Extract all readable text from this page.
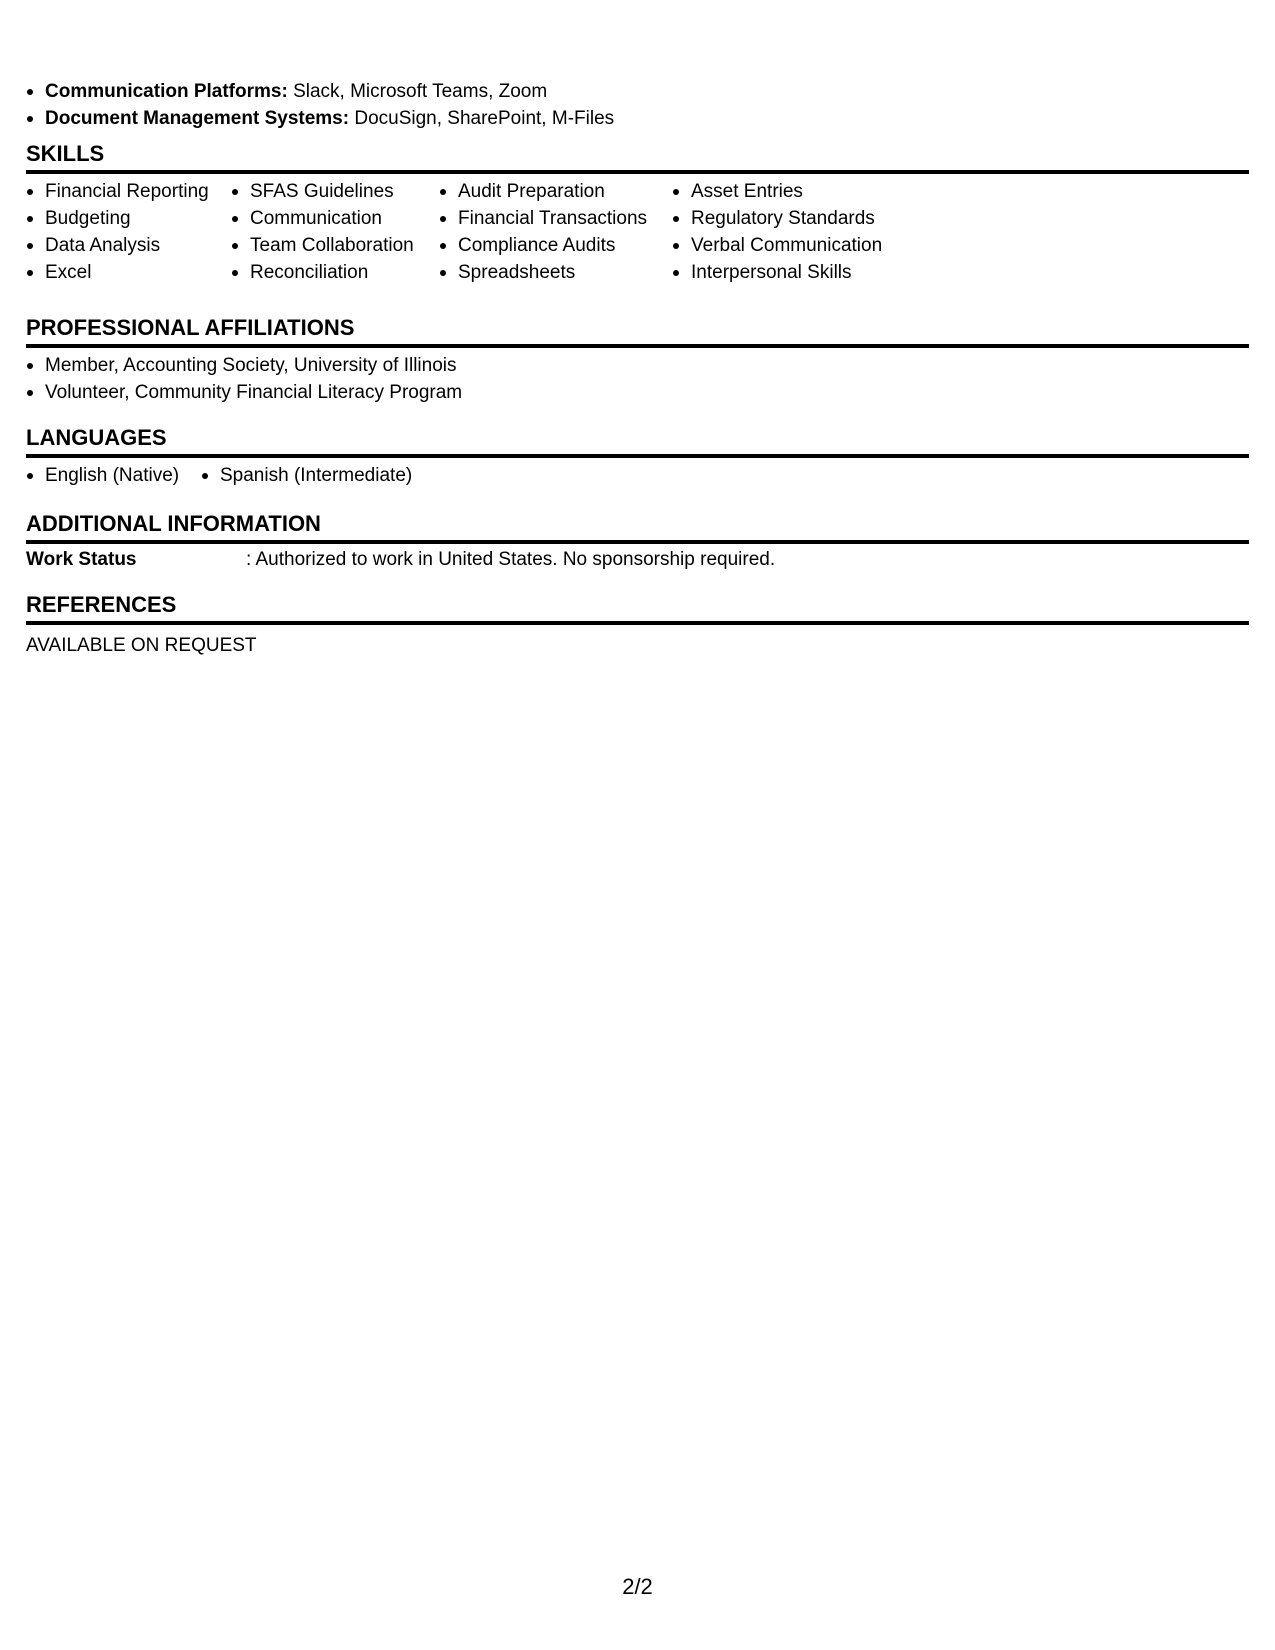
Communication Platforms: Slack, Microsoft Teams, Zoom
Document Management Systems: DocuSign, SharePoint, M-Files
SKILLS
Financial Reporting
Budgeting
Data Analysis
Excel
SFAS Guidelines
Communication
Team Collaboration
Reconciliation
Audit Preparation
Financial Transactions
Compliance Audits
Spreadsheets
Asset Entries
Regulatory Standards
Verbal Communication
Interpersonal Skills
PROFESSIONAL AFFILIATIONS
Member, Accounting Society, University of Illinois
Volunteer, Community Financial Literacy Program
LANGUAGES
English (Native)	Spanish (Intermediate)
ADDITIONAL INFORMATION
Work Status	: Authorized to work in United States. No sponsorship required.
REFERENCES
AVAILABLE ON REQUEST
2/2
